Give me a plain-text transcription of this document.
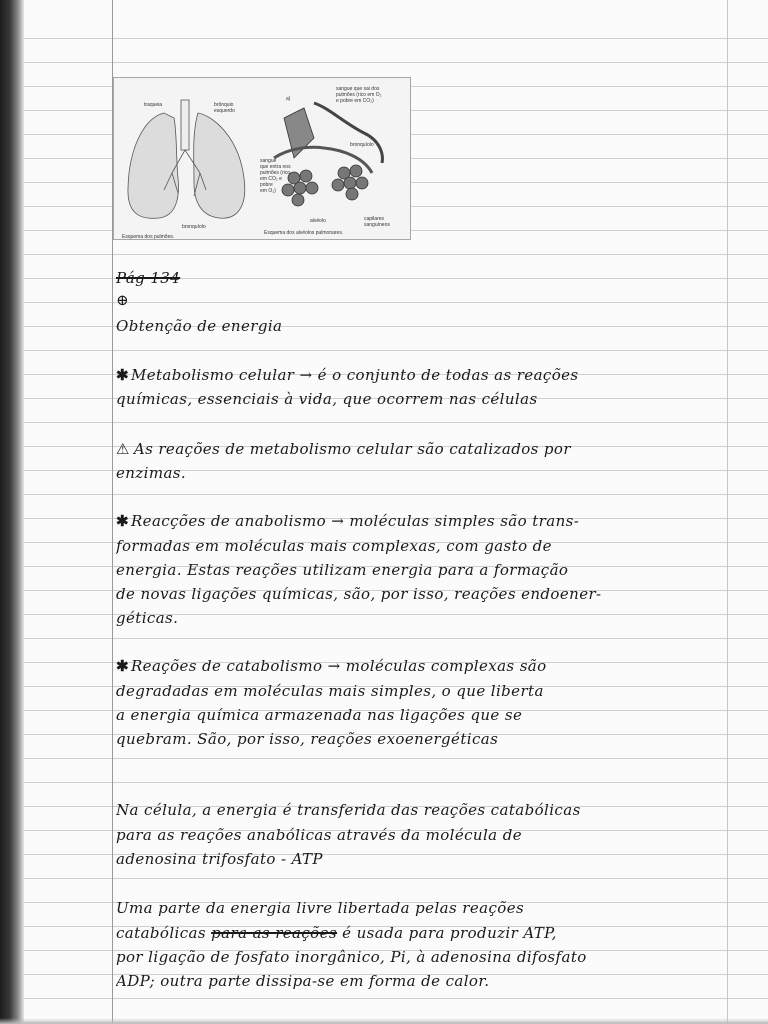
traqueia	brônquio
esquerdo
bronquíolo
Esquema dos pulmões.
a)
sangue que sai dos
pulmões (rico em O₂
e pobre em CO₂)
bronquíolo
sangue
que entra nos
pulmões (rico
em CO₂ e
pobre
em O₂)
alvéolo	capilares
sanguíneos
Esquema dos alvéolos pulmonares.
Pág 134
⊕
Obtenção de energia
✱ Metabolismo celular → é o conjunto de todas as reações
químicas, essenciais à vida, que ocorrem nas células
⚠ As reações de metabolismo celular são catalizados por
enzimas.
✱ Reacções de anabolismo → moléculas simples são trans-
formadas em moléculas mais complexas, com gasto de
energia. Estas reações utilizam energia para a formação
de novas ligações químicas, são, por isso, reações endoener-
géticas.
✱ Reações de catabolismo → moléculas complexas são
degradadas em moléculas mais simples, o que liberta
a energia química armazenada nas ligações que se
quebram. São, por isso, reações exoenergéticas
Na célula, a energia é transferida das reações catabólicas
para as reações anabólicas através da molécula de
adenosina trifosfato - ATP
Uma parte da energia livre libertada pelas reações
catabólicas para as reações é usada para produzir ATP,
por ligação de fosfato inorgânico, Pi, à adenosina difosfato
ADP; outra parte dissipa-se em forma de calor.
